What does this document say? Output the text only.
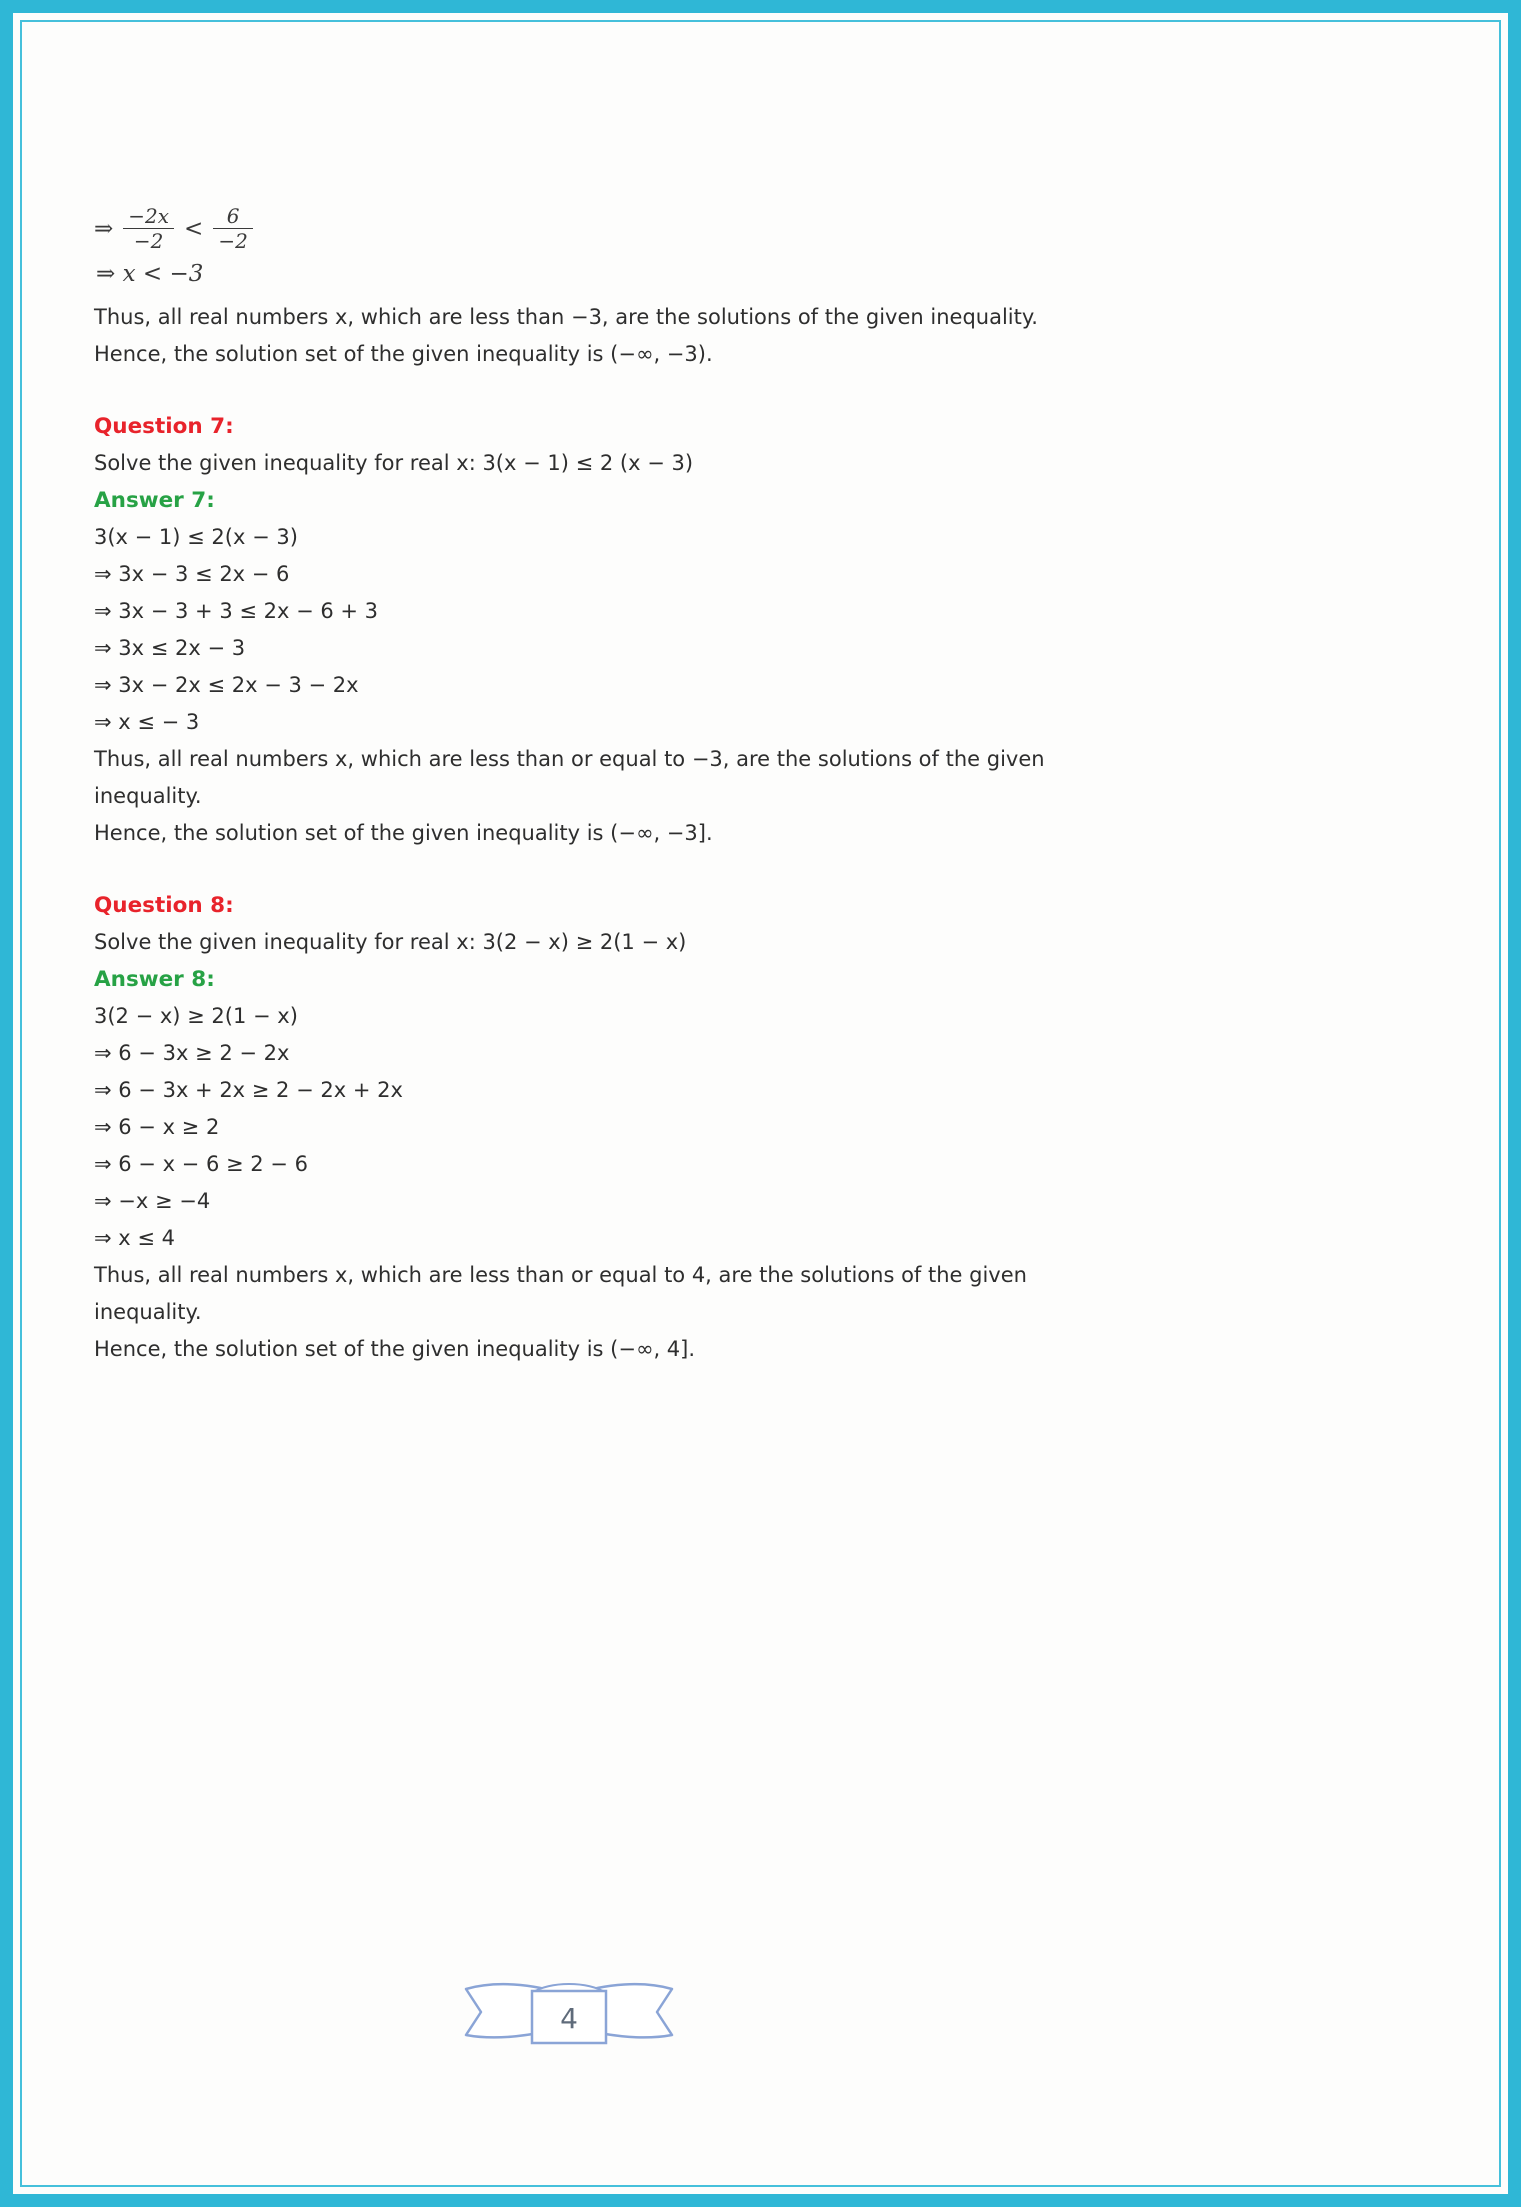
⇒ $\frac{-2x}{-2} < \frac{6}{-2}$
⇒ x < −3

Thus, all real numbers x, which are less than −3, are the solutions of the given inequality.

Hence, the solution set of the given inequality is (−∞, −3).

Question 7:

Solve the given inequality for real x: 3(x − 1) ≤ 2 (x − 3)

Answer 7:

3(x − 1) ≤ 2(x − 3)

⇒ 3x − 3 ≤ 2x − 6

⇒ 3x − 3 + 3 ≤ 2x − 6 + 3

⇒ 3x ≤ 2x − 3

⇒ 3x − 2x ≤ 2x − 3 − 2x

⇒ x ≤ − 3

Thus, all real numbers x, which are less than or equal to −3, are the solutions of the given inequality.

Hence, the solution set of the given inequality is (−∞, −3].

Question 8:

Solve the given inequality for real x: 3(2 − x) ≥ 2(1 − x)

Answer 8:

3(2 − x) ≥ 2(1 − x)

⇒ 6 − 3x ≥ 2 − 2x

⇒ 6 − 3x + 2x ≥ 2 − 2x + 2x

⇒ 6 − x ≥ 2

⇒ 6 − x − 6 ≥ 2 − 6

⇒ −x ≥ −4

⇒ x ≤ 4

Thus, all real numbers x, which are less than or equal to 4, are the solutions of the given inequality.

Hence, the solution set of the given inequality is (−∞, 4].

4
